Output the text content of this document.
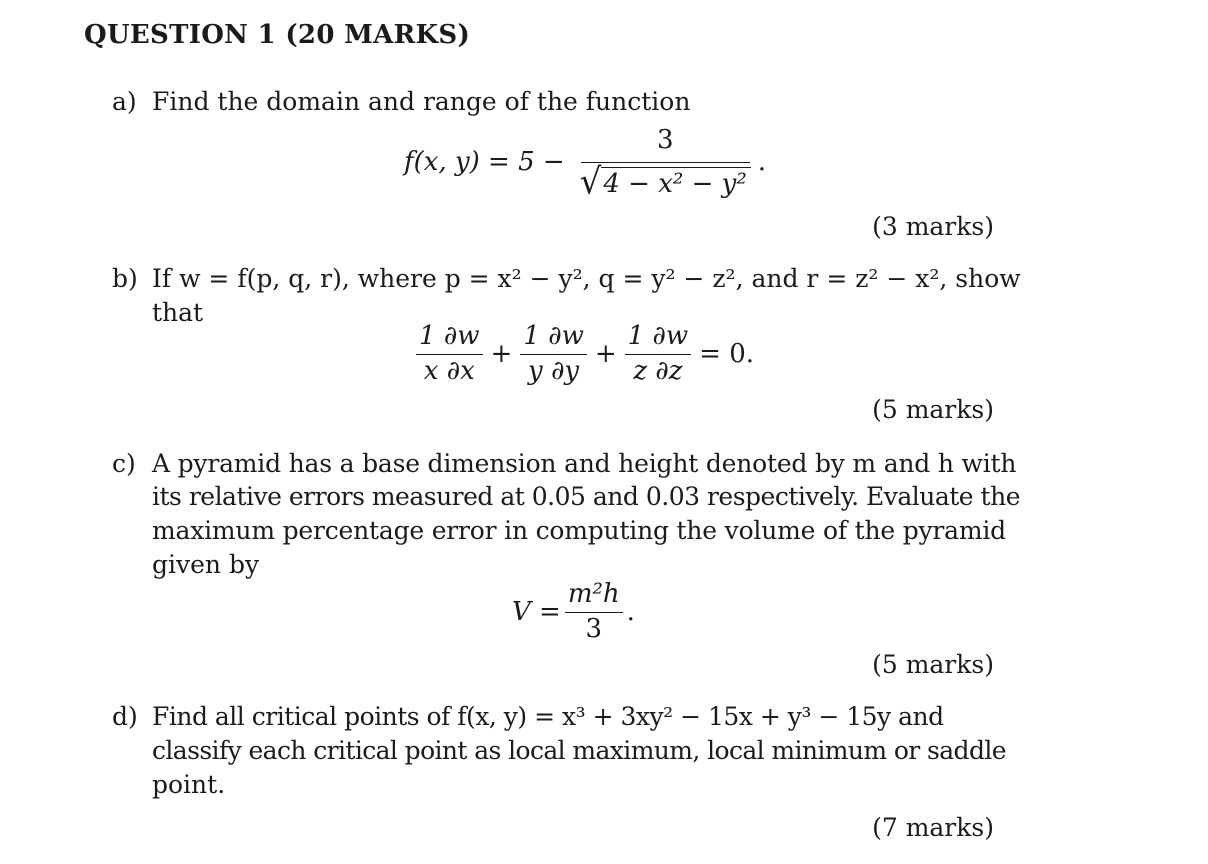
QUESTION 1 (20 MARKS)
a) Find the domain and range of the function
f(x, $y) = 5 - \frac{3}{\text{√ 4 − x² − y²}}$ .
(3 marks)
b) If w = f(p, q, r), where p = x² − y², q = y² − z², and r = z² − x², show
that
$\frac{1 \partial w}{x \partial x} + \frac{1 \partial w}{y \partial y} + \frac{1 \partial w}{z \partial z} = 0$.
(5 marks)
c) A pyramid has a base dimension and height denoted by m and h with
its relative errors measured at 0.05 and 0.03 respectively. Evaluate the
maximum percentage error in computing the volume of the pyramid
given by
$V = \frac{\text{m²h}}{3}$ .
(5 marks)
d) Find all critical points of f(x, y) = x³ + 3xy² − 15x + y³ − 15y and
classify each critical point as local maximum, local minimum or saddle
point.
(7 marks)
